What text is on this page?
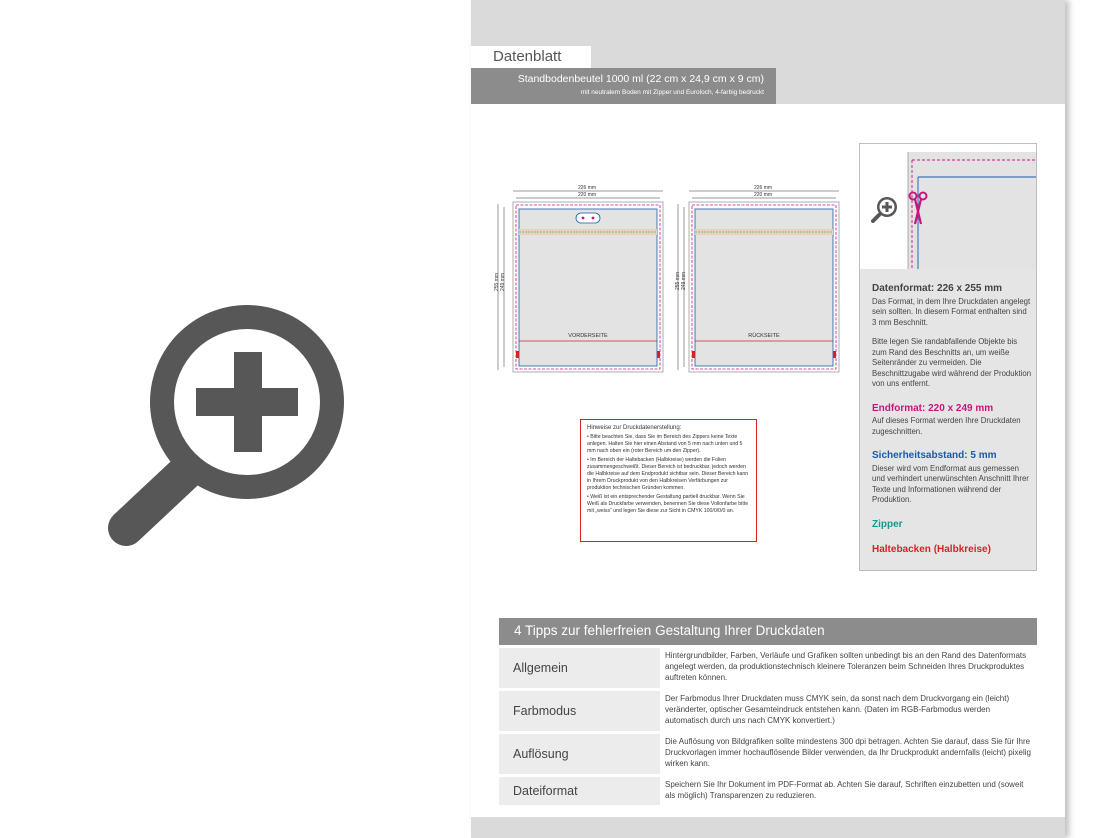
Datenblatt
Standbodenbeutel 1000 ml (22 cm x 24,9 cm x 9 cm)
mit neutralem Boden mit Zipper und Euroloch, 4-farbig bedruckt
226 mm
220 mm
255 mm 249 mm
VORDERSEITE
226 mm
220 mm
255 mm 249 mm
RÜCKSEITE
Hinweise zur Druckdatenerstellung:
• Bitte beachten Sie, dass Sie im Bereich des Zippers keine Texte anlegen. Halten Sie hier einen Abstand von 5 mm nach unten und 5 mm nach oben ein (roter Bereich um den Zipper).
• Im Bereich der Haltebacken (Halbkreise) werden die Folien zusammengeschweißt. Dieser Bereich ist bedruckbar, jedoch werden die Halbkreise auf dem Endprodukt sichtbar sein. Dieser Bereich kann in Ihrem Druckprodukt von den Halbkreisen Verfärbungen zur produktion technischen Gründen kommen.
• Weiß ist ein entsprechender Gestaltung partiell druckbar. Wenn Sie Weiß als Druckfarbe verwenden, benennen Sie diese Vollonfarbe bitte mit „weiss“ und legen Sie diese zur Sicht in CMYK 100/0/0/0 an.
Datenformat: 226 x 255 mm
Das Format, in dem Ihre Druckdaten angelegt sein sollten. In diesem Format enthalten sind 3 mm Beschnitt.
Bitte legen Sie randabfallende Objekte bis zum Rand des Beschnitts an, um weiße Seitenränder zu vermeiden. Die Beschnittzugabe wird während der Produktion von uns entfernt.
Endformat: 220 x 249 mm
Auf dieses Format werden Ihre Druckdaten zugeschnitten.
Sicherheitsabstand: 5 mm
Dieser wird vom Endformat aus gemessen und verhindert unerwünschten Anschnitt Ihrer Texte und Informationen während der Produktion.
Zipper
Haltebacken (Halbkreise)
4 Tipps zur fehlerfreien Gestaltung Ihrer Druckdaten
Allgemein
Hintergrundbilder, Farben, Verläufe und Grafiken sollten unbedingt bis an den Rand des Datenformats angelegt werden, da produktionstechnisch kleinere Toleranzen beim Schneiden Ihres Druckproduktes auftreten können.
Farbmodus
Der Farbmodus Ihrer Druckdaten muss CMYK sein, da sonst nach dem Druckvorgang ein (leicht) veränderter, optischer Gesamteindruck entstehen kann. (Daten im RGB-Farbmodus werden automatisch durch uns nach CMYK konvertiert.)
Auflösung
Die Auflösung von Bildgrafiken sollte mindestens 300 dpi betragen. Achten Sie darauf, dass Sie für Ihre Druckvorlagen immer hochauflösende Bilder verwenden, da Ihr Druckprodukt andernfalls (leicht) pixelig wirken kann.
Dateiformat	Speichern Sie Ihr Dokument im PDF-Format ab. Achten Sie darauf, Schriften einzubetten und (soweit als möglich) Transparenzen zu reduzieren.
